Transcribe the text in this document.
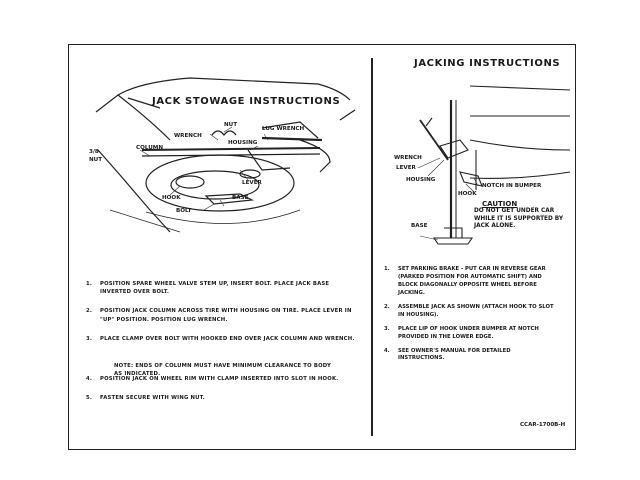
JACK STOWAGE INSTRUCTIONS
JACKING INSTRUCTIONS
NUT
WRENCH
LUG WRENCH
HOUSING
COLUMN
3/8
NUT
LEVER
HOOK	BASE
BOLT
WRENCH
LEVER
HOUSING
HOOK
NOTCH IN BUMPER
BASE
CAUTION
DO NOT GET UNDER CAR WHILE IT IS SUPPORTED BY JACK ALONE.
1. POSITION SPARE WHEEL VALVE STEM UP, INSERT BOLT. PLACE JACK BASE INVERTED OVER BOLT.
2. POSITION JACK COLUMN ACROSS TIRE WITH HOUSING ON TIRE. PLACE LEVER IN "UP" POSITION. POSITION LUG WRENCH.
3. PLACE CLAMP OVER BOLT WITH HOOKED END OVER JACK COLUMN AND WRENCH.
4. POSITION JACK ON WHEEL RIM WITH CLAMP INSERTED INTO SLOT IN HOOK.
5. FASTEN SECURE WITH WING NUT.
NOTE: ENDS OF COLUMN MUST HAVE MINIMUM CLEARANCE TO BODY AS INDICATED.
1. SET PARKING BRAKE - PUT CAR IN REVERSE GEAR (PARKED POSITION FOR AUTOMATIC SHIFT) AND BLOCK DIAGONALLY OPPOSITE WHEEL BEFORE JACKING.
2. ASSEMBLE JACK AS SHOWN (ATTACH HOOK TO SLOT IN HOUSING).
3. PLACE LIP OF HOOK UNDER BUMPER AT NOTCH PROVIDED IN THE LOWER EDGE.
4. SEE OWNER'S MANUAL FOR DETAILED INSTRUCTIONS.
CCAR-1700B-H
